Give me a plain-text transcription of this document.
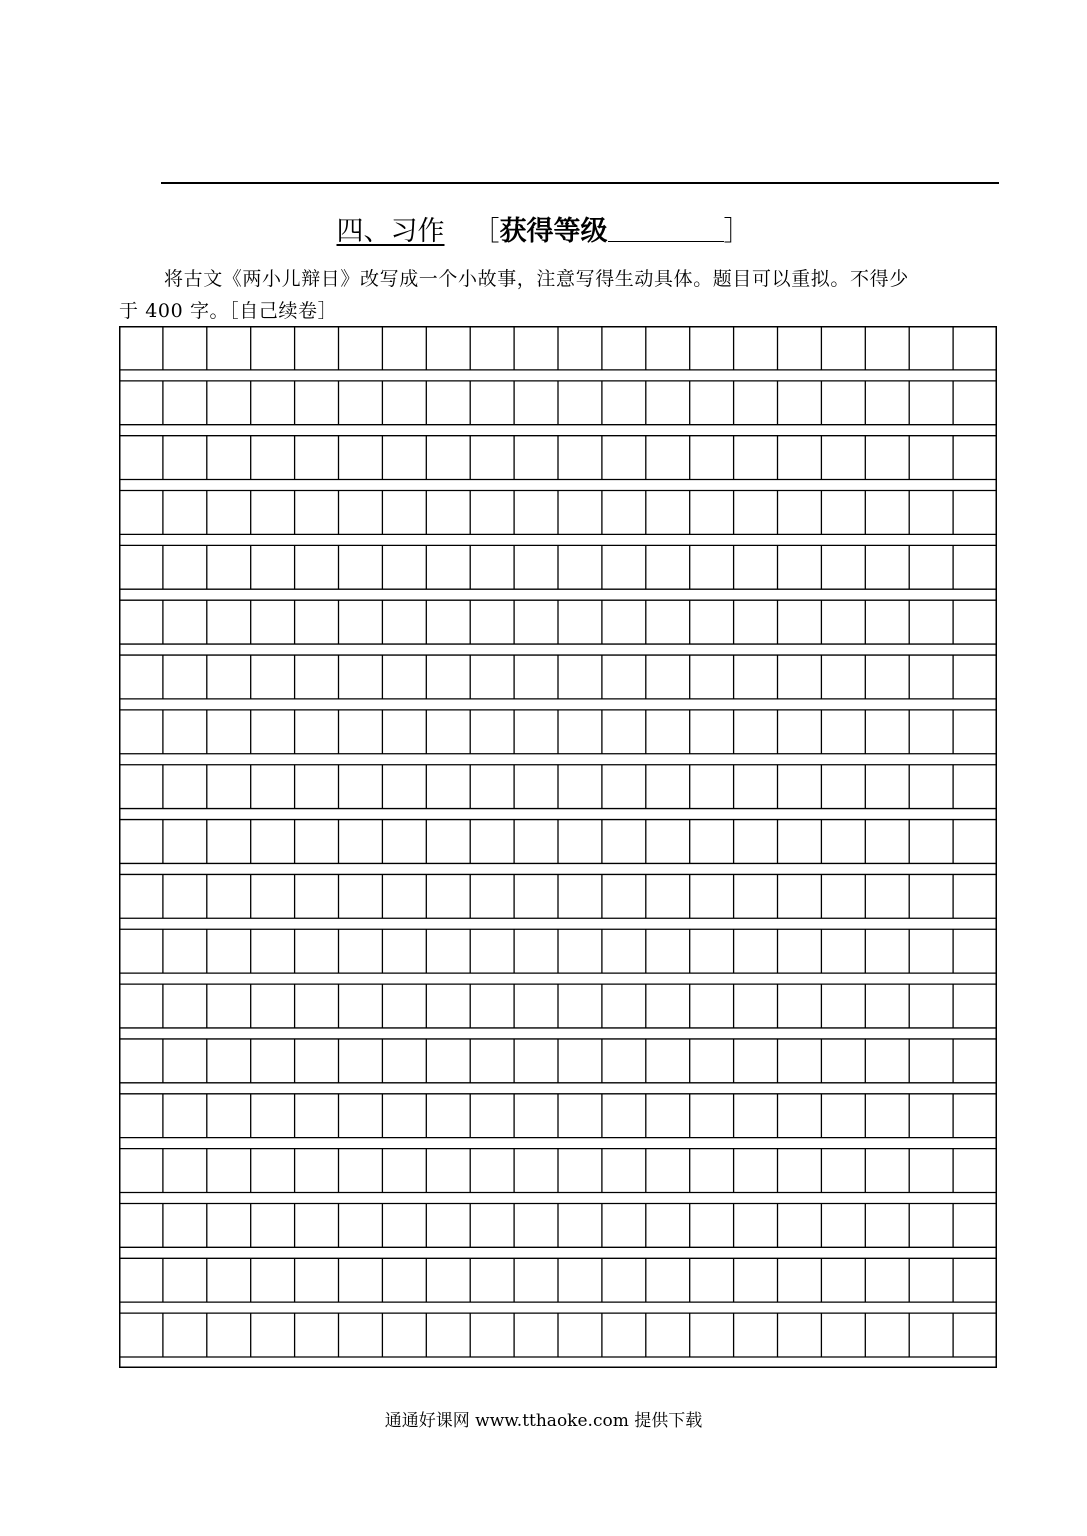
四、习作 ［获得等级	］
将古文《两小儿辩日》改写成一个小故事，注意写得生动具体。题目可以重拟。不得少
于 400 字。［自己续卷］
通通好课网 www.tthaoke.com 提供下载
